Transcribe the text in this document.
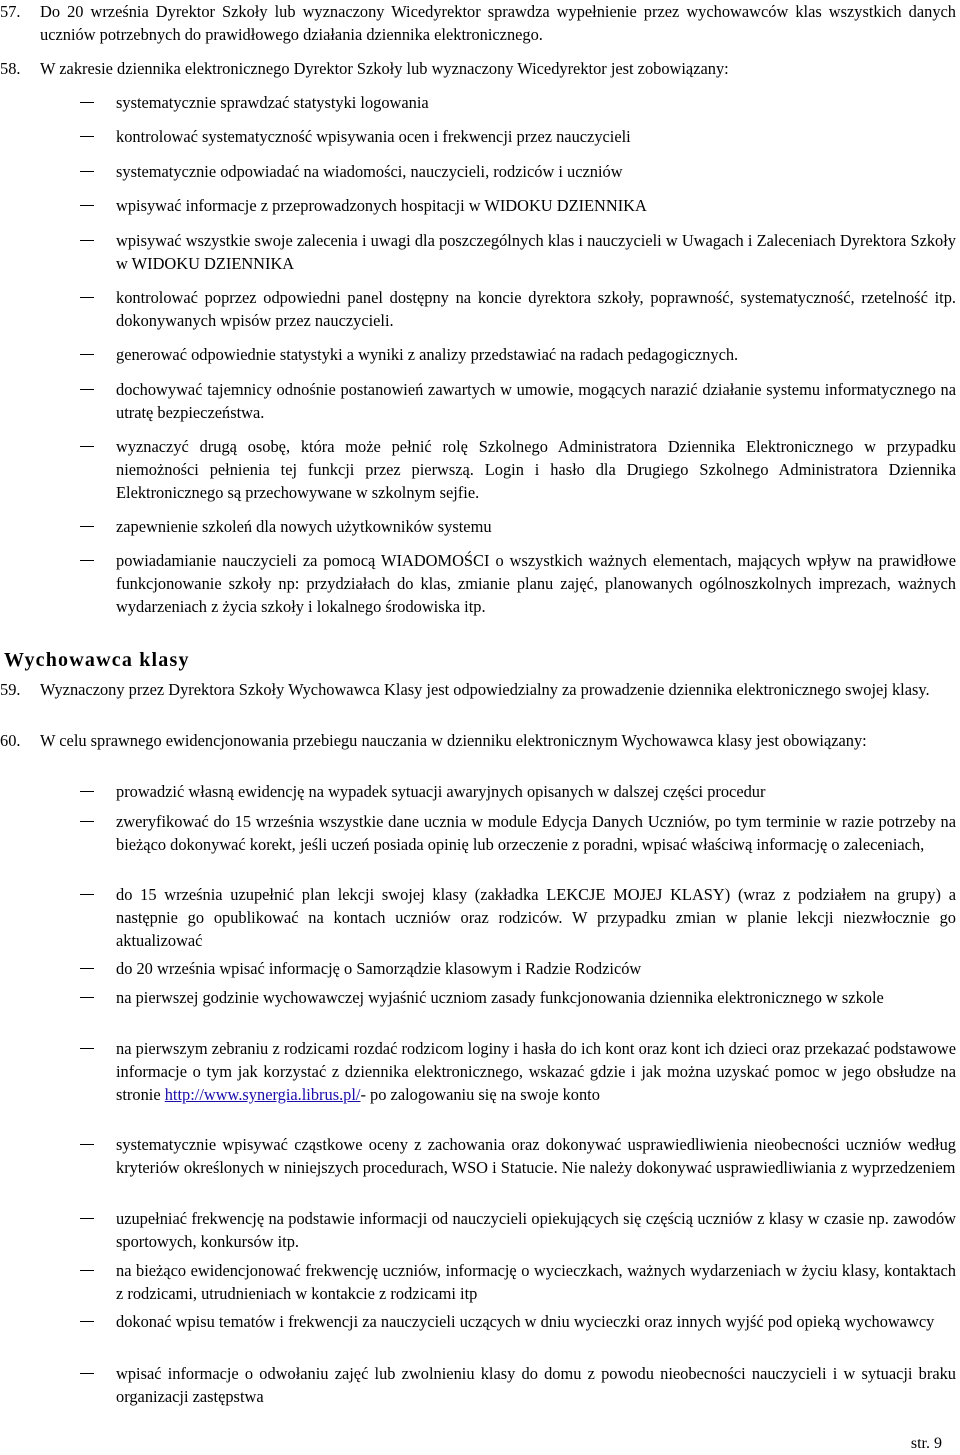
57.	Do 20 września Dyrektor Szkoły lub wyznaczony Wicedyrektor sprawdza wypełnienie przez wychowawców klas wszystkich danych uczniów potrzebnych do prawidłowego działania dziennika elektronicznego.
58.	W zakresie dziennika elektronicznego Dyrektor Szkoły lub wyznaczony Wicedyrektor jest zobowiązany:
systematycznie sprawdzać statystyki logowania
kontrolować systematyczność wpisywania ocen i frekwencji przez nauczycieli
systematycznie odpowiadać na wiadomości, nauczycieli, rodziców i uczniów
wpisywać informacje z przeprowadzonych hospitacji w WIDOKU DZIENNIKA
wpisywać wszystkie swoje zalecenia i uwagi dla poszczególnych klas i nauczycieli w Uwagach i Zaleceniach Dyrektora Szkoły w WIDOKU DZIENNIKA
kontrolować poprzez odpowiedni panel dostępny na koncie dyrektora szkoły, poprawność, systematyczność, rzetelność itp. dokonywanych wpisów przez nauczycieli.
generować odpowiednie statystyki a wyniki z analizy przedstawiać na radach pedagogicznych.
dochowywać tajemnicy odnośnie postanowień zawartych w umowie, mogących narazić działanie systemu informatycznego na utratę bezpieczeństwa.
wyznaczyć drugą osobę, która może pełnić rolę Szkolnego Administratora Dziennika Elektronicznego w przypadku niemożności pełnienia tej funkcji przez pierwszą. Login i hasło dla Drugiego Szkolnego Administratora Dziennika Elektronicznego są przechowywane w szkolnym sejfie.
zapewnienie szkoleń dla nowych użytkowników systemu
powiadamianie nauczycieli za pomocą WIADOMOŚCI o wszystkich ważnych elementach, mających wpływ na prawidłowe funkcjonowanie szkoły np: przydziałach do klas, zmianie planu zajęć, planowanych ogólnoszkolnych imprezach, ważnych wydarzeniach z życia szkoły i lokalnego środowiska itp.
Wychowawca klasy
59.	Wyznaczony przez Dyrektora Szkoły Wychowawca Klasy jest odpowiedzialny za prowadzenie dziennika elektronicznego swojej klasy.
60.	W celu sprawnego ewidencjonowania przebiegu nauczania w dzienniku elektronicznym Wychowawca klasy jest obowiązany:
prowadzić własną ewidencję na wypadek sytuacji awaryjnych opisanych w dalszej części procedur
zweryfikować do 15 września wszystkie dane ucznia w module Edycja Danych Uczniów, po tym terminie w razie potrzeby na bieżąco dokonywać korekt, jeśli uczeń posiada opinię lub orzeczenie z poradni, wpisać właściwą informację o zaleceniach,
do 15 września uzupełnić plan lekcji swojej klasy (zakładka LEKCJE MOJEJ KLASY) (wraz z podziałem na grupy) a następnie go opublikować na kontach uczniów oraz rodziców. W przypadku zmian w planie lekcji niezwłocznie go aktualizować
do 20 września wpisać informację o Samorządzie klasowym i Radzie Rodziców
na pierwszej godzinie wychowawczej wyjaśnić uczniom zasady funkcjonowania dziennika elektronicznego w szkole
na pierwszym zebraniu z rodzicami rozdać rodzicom loginy i hasła do ich kont oraz kont ich dzieci oraz przekazać podstawowe informacje o tym jak korzystać z dziennika elektronicznego, wskazać gdzie i jak można uzyskać pomoc w jego obsłudze na stronie http://www.synergia.librus.pl/- po zalogowaniu się na swoje konto
systematycznie wpisywać cząstkowe oceny z zachowania oraz dokonywać usprawiedliwienia nieobecności uczniów według kryteriów określonych w niniejszych procedurach, WSO i Statucie. Nie należy dokonywać usprawiedliwiania z wyprzedzeniem
uzupełniać frekwencję na podstawie informacji od nauczycieli opiekujących się częścią uczniów z klasy w czasie np. zawodów sportowych, konkursów itp.
na bieżąco ewidencjonować frekwencję uczniów, informację o wycieczkach, ważnych wydarzeniach w życiu klasy, kontaktach z rodzicami, utrudnieniach w kontakcie z rodzicami itp
dokonać wpisu tematów i frekwencji za nauczycieli uczących w dniu wycieczki oraz innych wyjść pod opieką wychowawcy
wpisać informacje o odwołaniu zajęć lub zwolnieniu klasy do domu z powodu nieobecności nauczycieli i w sytuacji braku organizacji zastępstwa
str. 9
